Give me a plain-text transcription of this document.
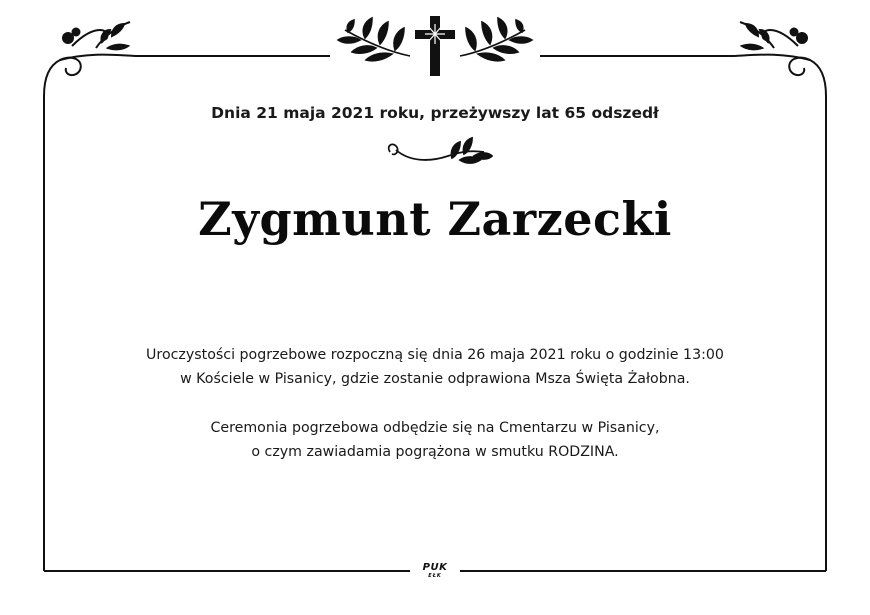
Dnia 21 maja 2021 roku, przeżywszy lat 65 odszedł
Zygmunt Zarzecki
Uroczystości pogrzebowe rozpoczną się dnia 26 maja 2021 roku o godzinie 13:00
w Kościele w Pisanicy, gdzie zostanie odprawiona Msza Święta Żałobna.
Ceremonia pogrzebowa odbędzie się na Cmentarzu w Pisanicy,
o czym zawiadamia pogrążona w smutku RODZINA.
PUK
EŁK
